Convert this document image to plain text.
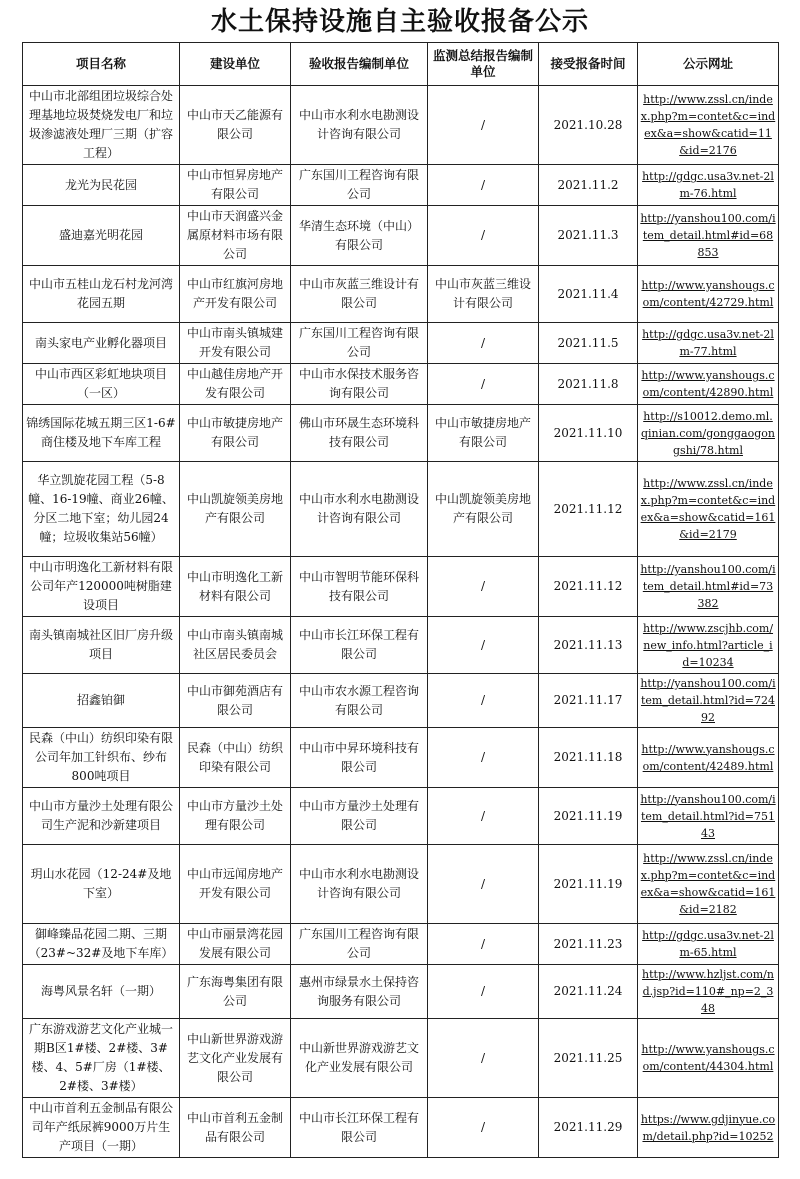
水土保持设施自主验收报备公示
项目名称	建设单位	验收报告编制单位	监测总结报告编制单位	接受报备时间	公示网址
中山市北部组团垃圾综合处理基地垃圾焚烧发电厂和垃圾渗滤液处理厂三期（扩容工程）	中山市天乙能源有限公司	中山市水利水电勘测设计咨询有限公司	/	2021.10.28	http://www.zssl.cn/index.php?m=contet&c=index&a=show&catid=11&id=2176
龙光为民花园	中山市恒昇房地产有限公司	广东国川工程咨询有限公司	/	2021.11.2	http://gdgc.usa3v.net-2lm-76.html
盛迪嘉光明花园	中山市天润盛兴金属原材料市场有限公司	华清生态环境（中山）有限公司	/	2021.11.3	http://yanshou100.com/item_detail.html#id=68853
中山市五桂山龙石村龙河湾花园五期	中山市红旗河房地产开发有限公司	中山市灰蓝三维设计有限公司	中山市灰蓝三维设计有限公司	2021.11.4	http://www.yanshougs.com/content/42729.html
南头家电产业孵化器项目	中山市南头镇城建开发有限公司	广东国川工程咨询有限公司	/	2021.11.5	http://gdgc.usa3v.net-2lm-77.html
中山市西区彩虹地块项目（一区）	中山越佳房地产开发有限公司	中山市水保技术服务咨询有限公司	/	2021.11.8	http://www.yanshougs.com/content/42890.html
锦绣国际花城五期三区1-6#商住楼及地下车库工程	中山市敏捷房地产有限公司	佛山市环晟生态环境科技有限公司	中山市敏捷房地产有限公司	2021.11.10	http://s10012.demo.ml.qinian.com/gonggaogongshi/78.html
华立凯旋花园工程（5-8幢、16-19幢、商业26幢、分区二地下室；幼儿园24幢；垃圾收集站56幢）	中山凯旋领美房地产有限公司	中山市水利水电勘测设计咨询有限公司	中山凯旋领美房地产有限公司	2021.11.12	http://www.zssl.cn/index.php?m=contet&c=index&a=show&catid=161&id=2179
中山市明逸化工新材料有限公司年产120000吨树脂建设项目	中山市明逸化工新材料有限公司	中山市智明节能环保科技有限公司	/	2021.11.12	http://yanshou100.com/item_detail.html#id=73382
南头镇南城社区旧厂房升级项目	中山市南头镇南城社区居民委员会	中山市长江环保工程有限公司	/	2021.11.13	http://www.zscjhb.com/new_info.html?article_id=10234
招鑫铂御	中山市御苑酒店有限公司	中山市农水源工程咨询有限公司	/	2021.11.17	http://yanshou100.com/item_detail.html?id=72492
民森（中山）纺织印染有限公司年加工针织布、纱布800吨项目	民森（中山）纺织印染有限公司	中山市中昇环境科技有限公司	/	2021.11.18	http://www.yanshougs.com/content/42489.html
中山市方量沙土处理有限公司生产泥和沙新建项目	中山市方量沙土处理有限公司	中山市方量沙土处理有限公司	/	2021.11.19	http://yanshou100.com/item_detail.html?id=75143
玥山水花园（12-24#及地下室）	中山市远闻房地产开发有限公司	中山市水利水电勘测设计咨询有限公司	/	2021.11.19	http://www.zssl.cn/index.php?m=contet&c=index&a=show&catid=161&id=2182
御峰臻品花园二期、三期（23#~32#及地下车库）	中山市丽景湾花园发展有限公司	广东国川工程咨询有限公司	/	2021.11.23	http://gdgc.usa3v.net-2lm-65.html
海粤风景名轩（一期）	广东海粤集团有限公司	惠州市绿景水土保持咨询服务有限公司	/	2021.11.24	http://www.hzljst.com/nd.jsp?id=110#_np=2_348
广东游戏游艺文化产业城一期B区1#楼、2#楼、3#楼、4、5#厂房（1#楼、2#楼、3#楼）	中山新世界游戏游艺文化产业发展有限公司	中山新世界游戏游艺文化产业发展有限公司	/	2021.11.25	http://www.yanshougs.com/content/44304.html
中山市首利五金制品有限公司年产纸尿裤9000万片生产项目（一期）	中山市首利五金制品有限公司	中山市长江环保工程有限公司	/	2021.11.29	https://www.gdjinyue.com/detail.php?id=10252
